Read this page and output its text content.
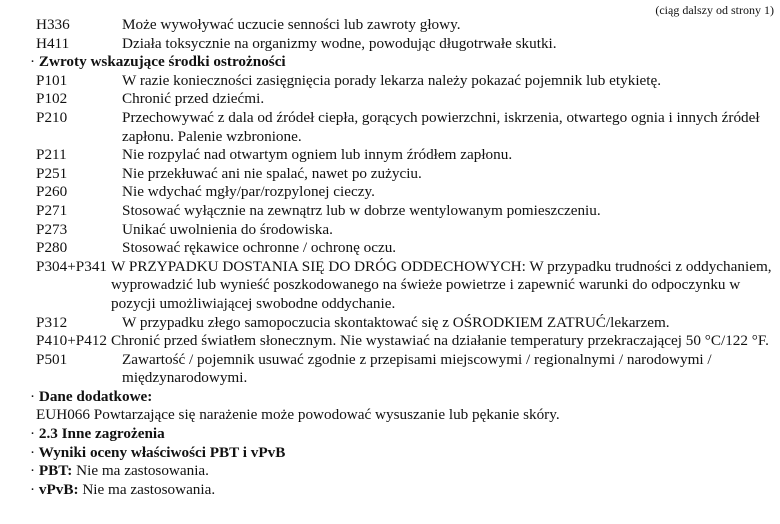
(ciąg dalszy od strony 1)
H336	Może wywoływać uczucie senności lub zawroty głowy.
H411	Działa toksycznie na organizmy wodne, powodując długotrwałe skutki.
· Zwroty wskazujące środki ostrożności
P101	W razie konieczności zasięgnięcia porady lekarza należy pokazać pojemnik lub etykietę.
P102	Chronić przed dziećmi.
P210	Przechowywać z dala od źródeł ciepła, gorących powierzchni, iskrzenia, otwartego ognia i innych źródeł zapłonu. Palenie wzbronione.
P211	Nie rozpylać nad otwartym ogniem lub innym źródłem zapłonu.
P251	Nie przekłuwać ani nie spalać, nawet po zużyciu.
P260	Nie wdychać mgły/par/rozpylonej cieczy.
P271	Stosować wyłącznie na zewnątrz lub w dobrze wentylowanym pomieszczeniu.
P273	Unikać uwolnienia do środowiska.
P280	Stosować rękawice ochronne / ochronę oczu.
P304+P341 W PRZYPADKU DOSTANIA SIĘ DO DRÓG ODDECHOWYCH: W przypadku trudności z oddychaniem, wyprowadzić lub wynieść poszkodowanego na świeże powietrze i zapewnić warunki do odpoczynku w pozycji umożliwiającej swobodne oddychanie.
P312	W przypadku złego samopoczucia skontaktować się z OŚRODKIEM ZATRUĆ/lekarzem.
P410+P412 Chronić przed światłem słonecznym. Nie wystawiać na działanie temperatury przekraczającej 50 °C/122 °F.
P501	Zawartość / pojemnik usuwać zgodnie z przepisami miejscowymi / regionalnymi / narodowymi / międzynarodowymi.
· Dane dodatkowe:
EUH066 Powtarzające się narażenie może powodować wysuszanie lub pękanie skóry.
· 2.3 Inne zagrożenia
· Wyniki oceny właściwości PBT i vPvB
· PBT: Nie ma zastosowania.
· vPvB: Nie ma zastosowania.
